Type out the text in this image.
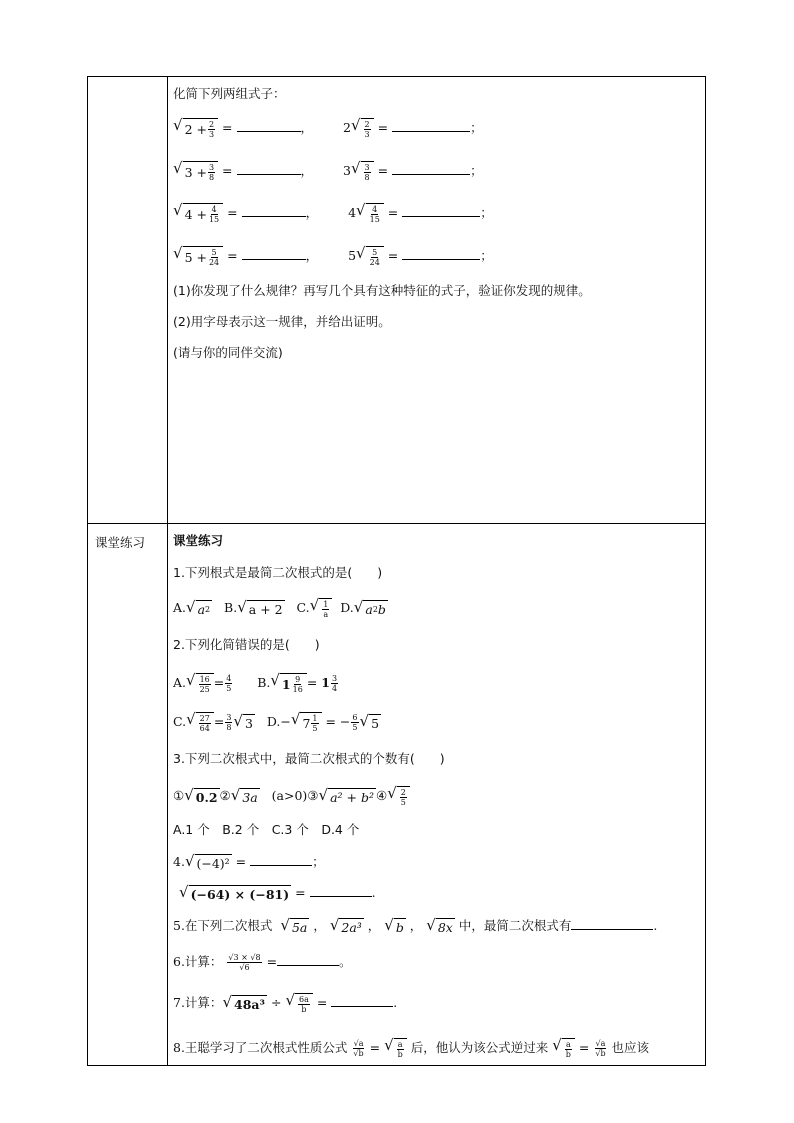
课堂练习
化简下列两组式子：
√ $2 + \frac{2}{3}$ =	， 2 √ $\frac{2}{3}$ =	；
√ $3 + \frac{3}{8}$ =	， 3 √ $\frac{3}{8}$ =	；
√ $4 + \frac{4}{15}$ =	， 4 √ $\frac{4}{15}$ =	；
√ $5 + \frac{5}{24}$ =	， 5 √ $\frac{5}{24}$ =	；
(1)你发现了什么规律？再写几个具有这种特征的式子，验证你发现的规律。
(2)用字母表示这一规律，并给出证明。
(请与你的同伴交流)
课堂练习
1.下列根式是最简二次根式的是(　　)
A. √ a 2 B. √ a + 2 C. √ $\frac{1}{a} D$. √ a 2 b
2.下列化简错误的是(　　)
A. √ $\frac{16}{25} = \frac{4}{5} B$. √ $1 \frac{9}{16} = 1 \frac{3}{4}$
C. √ $\frac{27}{64} = \frac{3}{8}$ √ 3 D.− √ $7 \frac{1}{5}$ = − $\frac{6}{5}$ √ 5
3.下列二次根式中，最简二次根式的个数有(　　)
① √ 0.2 ② √ 3a (a>0)③ √ a² + b² ④ √ $\frac{2}{5}$
A.1 个　B.2 个　C.3 个　D.4 个
4. √ (−4)² =	；
√ (−64) × (−81) =	.
5.在下列二次根式 √ 5a ， √ 2a³ ， √ b ， √ 8x 中，最简二次根式有	.
6.计算： $\frac{√3 \times √8}{√6}$ =	。
7.计算： √ 48a³ ÷ √ $\frac{6a}{b}$ =	.
8.王聪学习了二次根式性质公式 $\frac{√a}{√b}$ = √ $\frac{a}{b}$ 后，他认为该公式逆过来 √ $\frac{a}{b} = \frac{√a}{√b}$ 也应该
